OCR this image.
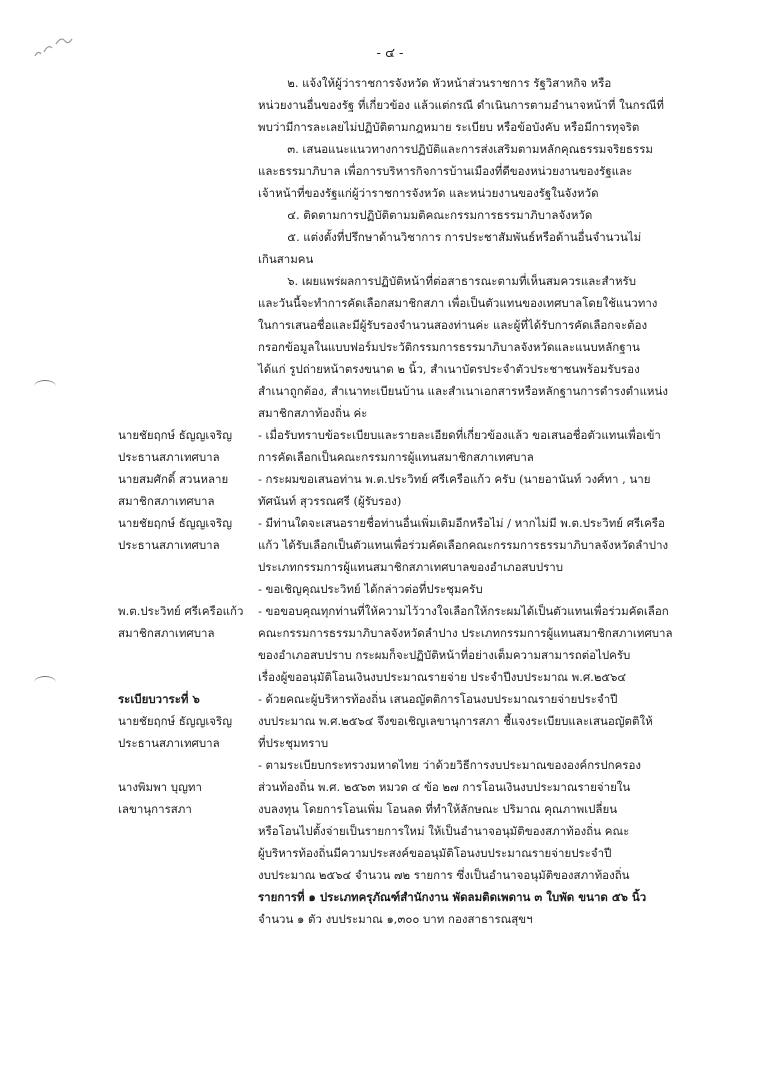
- ๔ -

๒. แจ้งให้ผู้ว่าราชการจังหวัด หัวหน้าส่วนราชการ รัฐวิสาหกิจ หรือ

หน่วยงานอื่นของรัฐ ที่เกี่ยวข้อง แล้วแต่กรณี ดำเนินการตามอำนาจหน้าที่ ในกรณีที่

พบว่ามีการละเลยไม่ปฏิบัติตามกฎหมาย ระเบียบ หรือข้อบังคับ หรือมีการทุจริต

๓. เสนอแนะแนวทางการปฏิบัติและการส่งเสริมตามหลักคุณธรรมจริยธรรม

และธรรมาภิบาล เพื่อการบริหารกิจการบ้านเมืองที่ดีของหน่วยงานของรัฐและ

เจ้าหน้าที่ของรัฐแก่ผู้ว่าราชการจังหวัด และหน่วยงานของรัฐในจังหวัด

๔. ติดตามการปฏิบัติตามมติคณะกรรมการธรรมาภิบาลจังหวัด

๕. แต่งตั้งที่ปรึกษาด้านวิชาการ การประชาสัมพันธ์หรือด้านอื่นจำนวนไม่

เกินสามคน

๖. เผยแพร่ผลการปฏิบัติหน้าที่ต่อสาธารณะตามที่เห็นสมควรและสำหรับ

และวันนี้จะทำการคัดเลือกสมาชิกสภา เพื่อเป็นตัวแทนของเทศบาลโดยใช้แนวทาง

ในการเสนอชื่อและมีผู้รับรองจำนวนสองท่านค่ะ และผู้ที่ได้รับการคัดเลือกจะต้อง

กรอกข้อมูลในแบบฟอร์มประวัติกรรมการธรรมาภิบาลจังหวัดและแนบหลักฐาน

ได้แก่ รูปถ่ายหน้าตรงขนาด ๒ นิ้ว, สำเนาบัตรประจำตัวประชาชนพร้อมรับรอง

สำเนาถูกต้อง, สำเนาทะเบียนบ้าน และสำเนาเอกสารหรือหลักฐานการดำรงตำแหน่ง

สมาชิกสภาท้องถิ่น ค่ะ

- เมื่อรับทราบข้อระเบียบและรายละเอียดที่เกี่ยวข้องแล้ว ขอเสนอชื่อตัวแทนเพื่อเข้า

การคัดเลือกเป็นคณะกรรมการผู้แทนสมาชิกสภาเทศบาล

- กระผมขอเสนอท่าน พ.ต.ประวิทย์ ศรีเครือแก้ว ครับ (นายอานันท์ วงศ์ทา , นาย

ทัศนันท์ สุวรรณศรี (ผู้รับรอง)

- มีท่านใดจะเสนอรายชื่อท่านอื่นเพิ่มเติมอีกหรือไม่ / หากไม่มี พ.ต.ประวิทย์ ศรีเครือ

แก้ว ได้รับเลือกเป็นตัวแทนเพื่อร่วมคัดเลือกคณะกรรมการธรรมาภิบาลจังหวัดลำปาง

ประเภทกรรมการผู้แทนสมาชิกสภาเทศบาลของอำเภอสบปราบ

- ขอเชิญคุณประวิทย์ ได้กล่าวต่อที่ประชุมครับ

- ขอขอบคุณทุกท่านที่ให้ความไว้วางใจเลือกให้กระผมได้เป็นตัวแทนเพื่อร่วมคัดเลือก

คณะกรรมการธรรมาภิบาลจังหวัดลำปาง ประเภทกรรมการผู้แทนสมาชิกสภาเทศบาล

ของอำเภอสบปราบ กระผมก็จะปฏิบัติหน้าที่อย่างเต็มความสามารถต่อไปครับ

เรื่องผู้ขออนุมัติโอนเงินงบประมาณรายจ่าย ประจำปีงบประมาณ พ.ศ.๒๕๖๔

- ด้วยคณะผู้บริหารท้องถิ่น เสนอญัตติการโอนงบประมาณรายจ่ายประจำปี

งบประมาณ พ.ศ.๒๕๖๔ จึงขอเชิญเลขานุการสภา ชี้แจงระเบียบและเสนอญัตติให้

ที่ประชุมทราบ

- ตามระเบียบกระทรวงมหาดไทย ว่าด้วยวิธีการงบประมาณขององค์กรปกครอง

ส่วนท้องถิ่น พ.ศ. ๒๕๖๓ หมวด ๔ ข้อ ๒๗ การโอนเงินงบประมาณรายจ่ายใน

งบลงทุน โดยการโอนเพิ่ม โอนลด ที่ทำให้ลักษณะ ปริมาณ คุณภาพเปลี่ยน

หรือโอนไปตั้งจ่ายเป็นรายการใหม่ ให้เป็นอำนาจอนุมัติของสภาท้องถิ่น คณะ

ผู้บริหารท้องถิ่นมีความประสงค์ขออนุมัติโอนงบประมาณรายจ่ายประจำปี

งบประมาณ ๒๕๖๔ จำนวน ๗๒ รายการ ซึ่งเป็นอำนาจอนุมัติของสภาท้องถิ่น

รายการที่ ๑ ประเภทครุภัณฑ์สำนักงาน พัดลมติดเพดาน ๓ ใบพัด ขนาด ๕๖ นิ้ว

จำนวน ๑ ตัว งบประมาณ ๑,๓๐๐ บาท กองสาธารณสุขฯ

นายชัยฤกษ์ ธัญญเจริญ
ประธานสภาเทศบาล
นายสมศักดิ์ สวนหลาย
สมาชิกสภาเทศบาล
นายชัยฤกษ์ ธัญญเจริญ
ประธานสภาเทศบาล
พ.ต.ประวิทย์ ศรีเครือแก้ว
สมาชิกสภาเทศบาล
ระเบียบวาระที่ ๖
นายชัยฤกษ์ ธัญญเจริญ
ประธานสภาเทศบาล
นางพิมพา บุญทา
เลขานุการสภา
